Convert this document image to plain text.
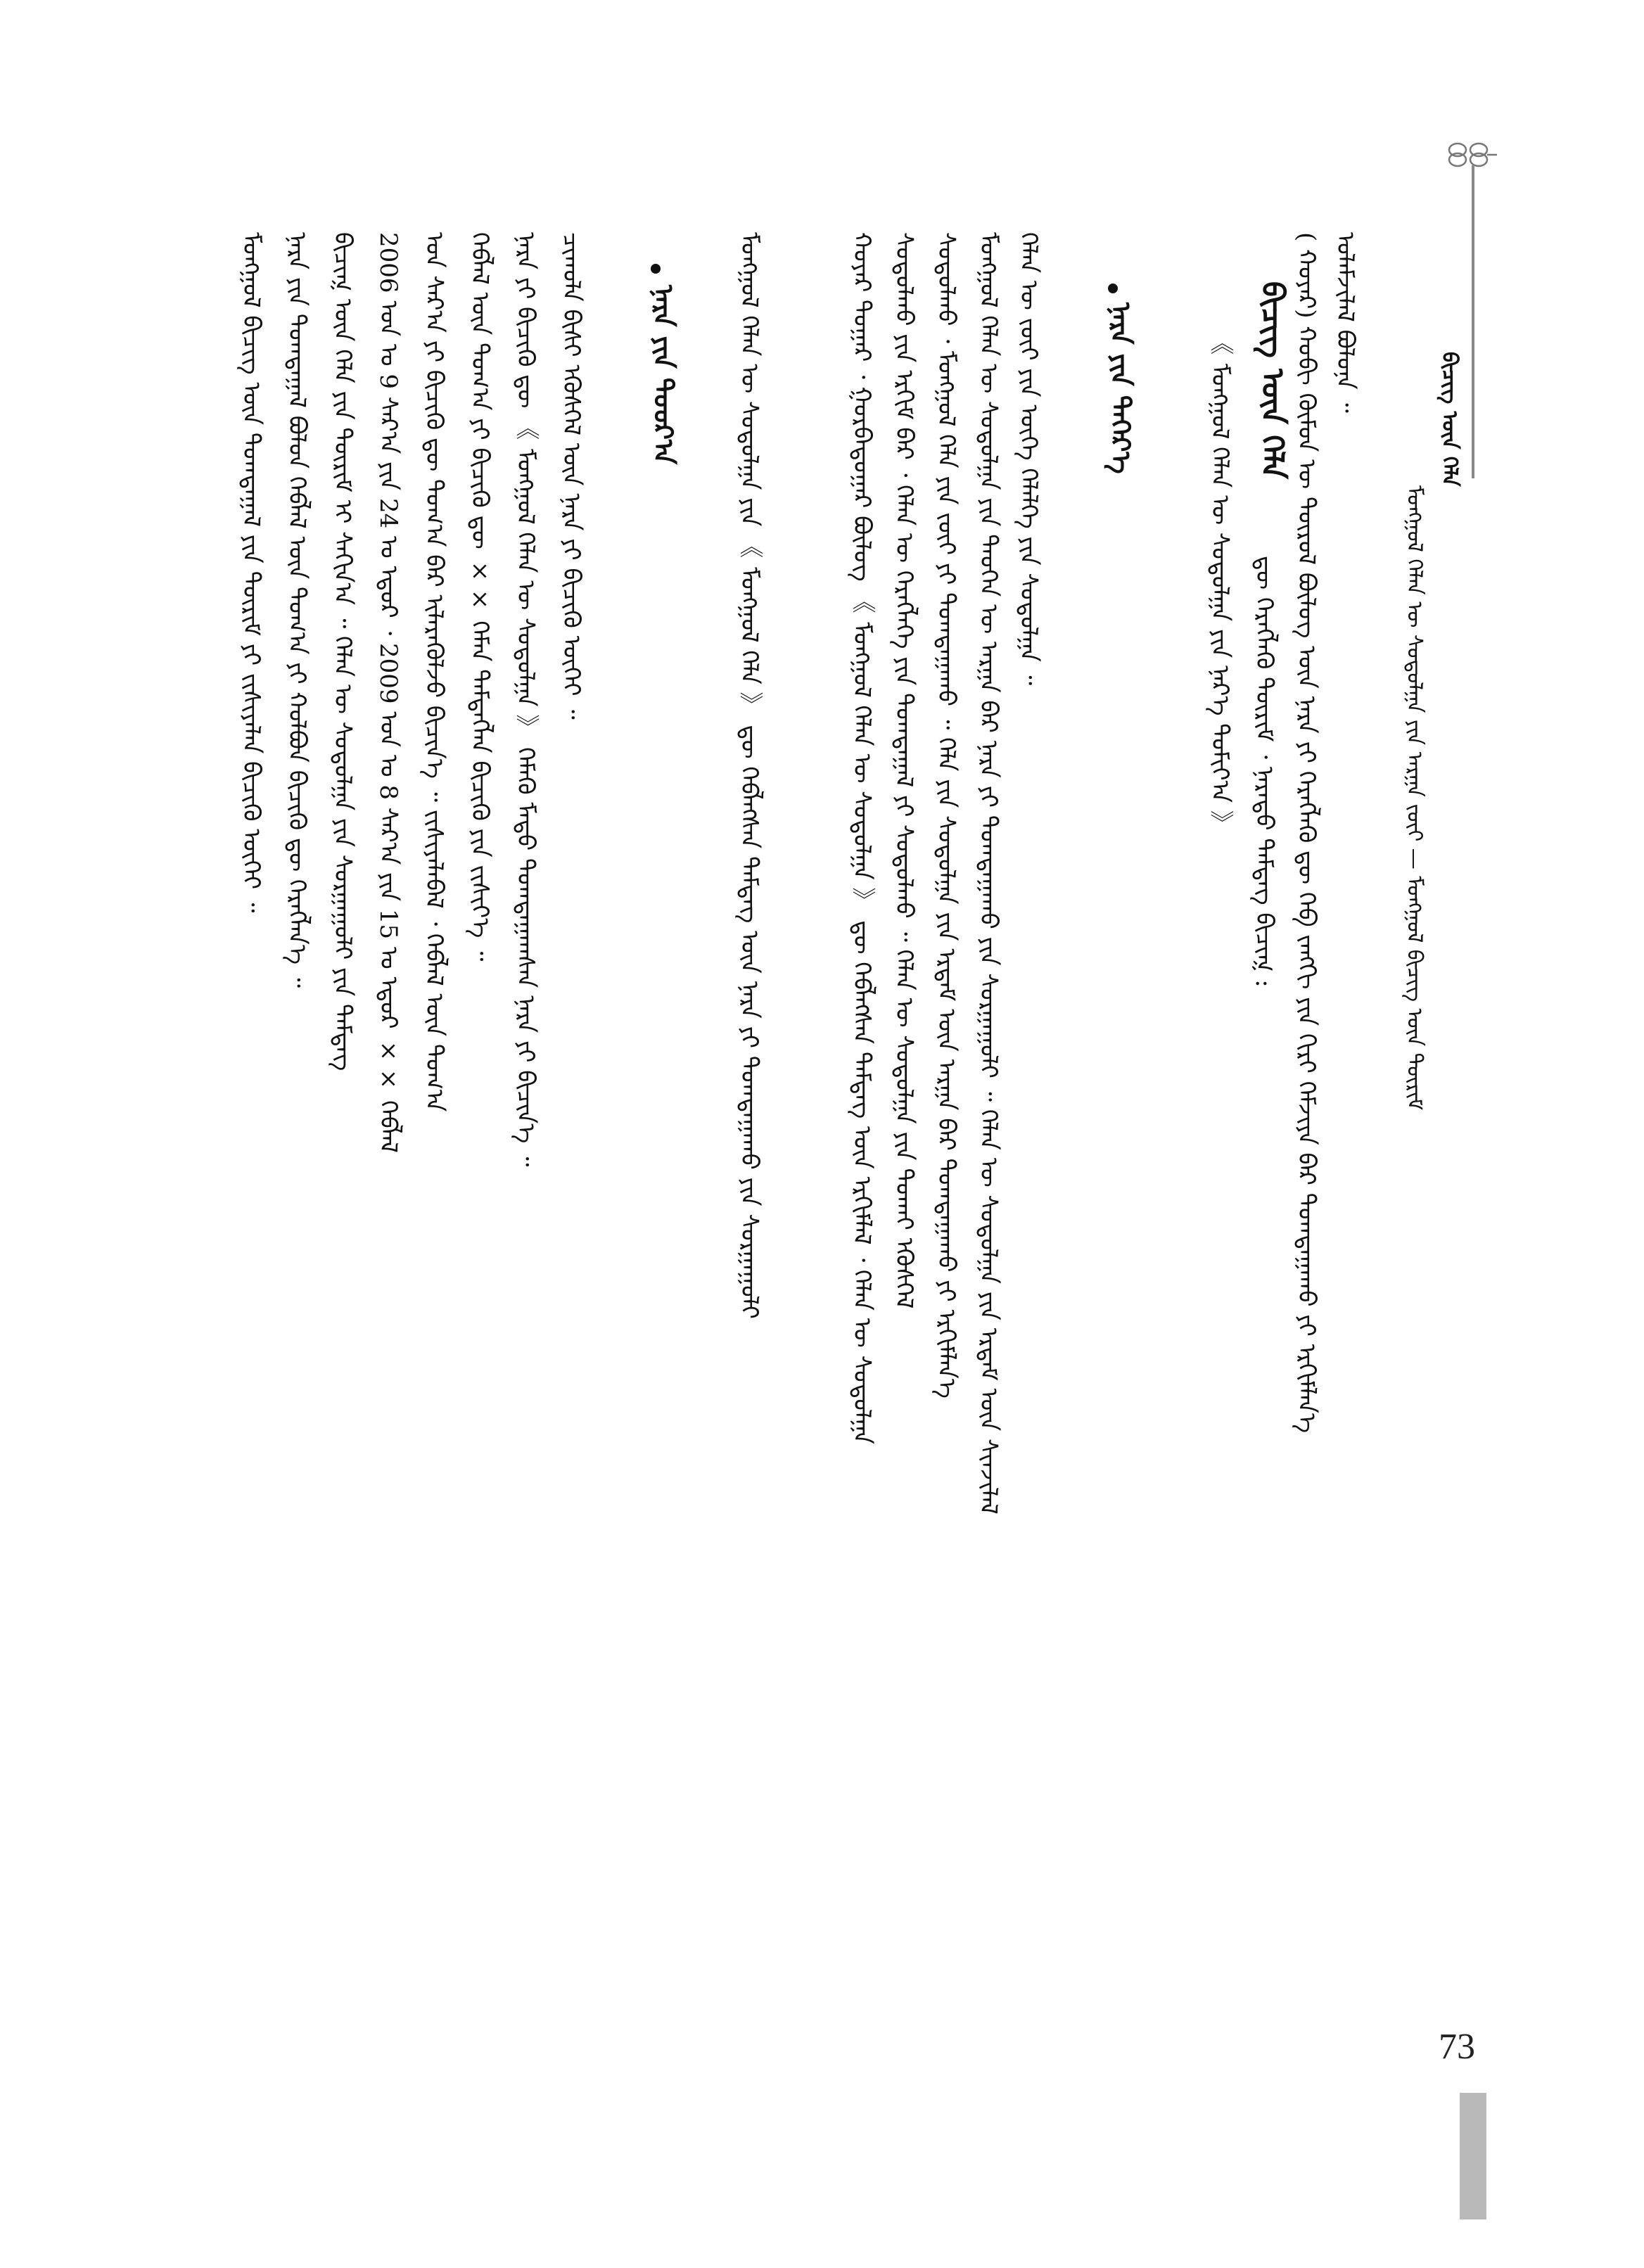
ᠮᠣᠩᠭᠣᠯ ᠬᠡᠯᠡᠨ ᠦ ᠰᠤᠳᠤᠯᠭᠠ ᠶᠢᠨ ᠠᠷᠭᠠ ᠵᠦᠢ — ᠮᠣᠩᠭᠣᠯ ᠪᠢᠴᠢᠭ ᠦᠨ ᠳᠦᠷᠢᠮ
ᠪᠢᠴᠢᠭ ᠦᠨ ᠬᠡᠯᠡ
ᠤᠯᠠᠮᠵᠢᠯᠠᠯ ᠪᠤᠯᠤᠨᠠ ᠃
( ᠬᠣᠶᠠᠷ) ᠬᠤᠪᠢ ᠬᠦᠮᠦᠨ ᠦ ᠲᠦᠷᠦᠯ ᠪᠦᠯᠦᠭ ᠦᠨ ᠨᠡᠷᠡ ᠶᠢ ᠬᠡᠷᠡᠭᠯᠡᠬᠦ ᠳᠦ ᠬᠡᠪ ᠵᠠᠩᠭᠢ ᠶᠢᠨ ᠬᠢᠷᠢ ᠬᠡᠮᠵᠢᠶᠡ ᠪᠠᠷ ᠲᠣᠭᠲᠠᠭᠠᠬᠤ ᠶᠢ ᠡᠷᠬᠢᠮᠯᠡᠨ᠎ᠡ
ᠪᠢᠴᠢᠭ ᠦᠨ ᠬᠡᠯᠡ
ᠳᠦ ᠬᠡᠷᠡᠭᠯᠡᠬᠦ ᠳᠦᠷᠢᠮ ᠂ ᠨᠡᠷᠡᠲᠦ ᠲᠡᠮᠳᠡᠭ ᠪᠢᠴᠢᠭ᠍ :
《 ᠮᠣᠩᠭᠣᠯ ᠬᠡᠯᠡᠨ ᠦ ᠰᠤᠳᠤᠯᠭᠠ ᠶᠢᠨ ᠨᠡᠷ᠎ᠡ ᠲᠣᠮᠢᠶ᠎ᠠ 》
ᠨᠡᠷᠡ ᠶᠢᠨ ᠳᠡᠭᠡᠷ᠎ᠡ
ᠬᠡᠯᠡᠨ ᠦ ᠵᠦᠢ ᠶᠢᠨ ᠦᠭᠡ ᠬᠡᠯᠡᠯᠭᠡ ᠶᠢᠨ ᠰᠤᠳᠤᠯᠭᠠ ᠃
ᠮᠣᠩᠭᠣᠯ ᠬᠡᠯᠡᠨ ᠦ ᠰᠤᠳᠤᠯᠭᠠ ᠶᠢᠨ ᠲᠡᠦᠬᠡᠨ ᠦ ᠠᠷᠭᠠ ᠪᠠᠷ ᠨᠡᠷᠡ ᠶᠢ ᠲᠣᠭᠲᠠᠭᠠᠬᠤ ᠶᠢᠨ ᠰᠤᠷᠭᠠᠭᠤᠯᠢ ᠃ ᠬᠡᠯᠡᠨ ᠦ ᠰᠤᠳᠤᠯᠭᠠ ᠶᠢᠨ ᠡᠷᠳᠡᠮ ᠦᠨ ᠰᠢᠨᠵᠢᠯᠡᠯ
ᠰᠤᠳᠤᠯᠬᠤ ᠂ ᠮᠣᠩᠭᠣᠯ ᠬᠡᠯᠡ ᠶᠢᠨ ᠵᠦᠢ ᠶᠢ ᠲᠣᠭᠲᠠᠭᠠᠬᠤ ᠃ ᠬᠡᠯᠡ ᠶᠢᠨ ᠰᠤᠳᠤᠯᠭᠠ ᠶᠢᠨ ᠡᠷᠳᠡᠮ ᠦᠨ ᠠᠷᠭᠠ ᠪᠠᠷ ᠲᠣᠭᠲᠠᠭᠠᠬᠤ ᠶᠢ ᠡᠷᠬᠢᠮᠯᠡᠨ᠎ᠡ
ᠰᠤᠳᠤᠯᠬᠤ ᠶᠢᠨ ᠡᠷᠬᠢᠮ ᠪᠠᠷ ᠂ ᠬᠡᠯᠡᠨ ᠦ ᠬᠡᠷᠡᠭᠯᠡᠭᠡ ᠶᠢᠨ ᠲᠣᠭᠲᠠᠭᠠᠯ ᠶᠢ ᠰᠤᠳᠤᠯᠬᠤ ᠃ ᠬᠡᠯᠡᠨ ᠦ ᠰᠤᠳᠤᠯᠭᠠ ᠶᠢᠨ ᠲᠤᠬᠠᠢ ᠡᠭᠦᠰᠭᠡᠯ
ᠬᠣᠶᠠᠷ ᠳᠤᠭᠠᠷ ᠂ ᠭᠤᠷᠪᠠᠳᠤᠭᠠᠷ ᠪᠦᠯᠦᠭ 《 ᠮᠣᠩᠭᠣᠯ ᠬᠡᠯᠡᠨ ᠦ ᠰᠤᠳᠤᠯᠭᠠ 》 ᠳᠦ ᠬᠡᠪᠯᠡᠭᠰᠡᠨ ᠲᠡᠮᠳᠡᠭ ᠦᠨ ᠡᠷᠬᠢᠮᠯᠡᠯ ᠂ ᠬᠡᠯᠡᠨ ᠦ ᠰᠤᠳᠤᠯᠭᠠ
ᠮᠣᠩᠭᠣᠯ ᠬᠡᠯᠡᠨ ᠦ ᠰᠤᠳᠤᠯᠭᠠ ᠶᠢᠨ 《 ᠮᠣᠩᠭᠣᠯ ᠬᠡᠯᠡ 》 ᠳᠦ ᠬᠡᠪᠯᠡᠭᠰᠡᠨ ᠲᠡᠮᠳᠡᠭ ᠦᠨ ᠨᠡᠷᠡ ᠶᠢ ᠲᠣᠭᠲᠠᠭᠠᠬᠤ ᠶᠢᠨ ᠰᠤᠷᠭᠠᠭᠤᠯᠢ
ᠨᠡᠷᠡ ᠶᠢᠨ ᠳᠣᠣᠷ᠎ᠠ
ᠴᠢᠬᠤᠯᠠ ᠪᠢᠰᠢ ᠡᠭᠦᠰᠭᠡᠯ ᠦᠨ ᠨᠡᠷᠡ ᠶᠢ ᠪᠢᠴᠢᠬᠦ ᠦᠭᠡᠢ ᠃
ᠨᠡᠷᠡ ᠶᠢ ᠪᠢᠴᠢᠬᠦ ᠳᠦ 《 ᠮᠣᠩᠭᠣᠯ ᠬᠡᠯᠡᠨ ᠦ ᠰᠤᠳᠤᠯᠭᠠ 》 ᠬᠡᠮᠡᠬᠦ ᠮᠡᠲᠦ ᠲᠣᠭᠲᠠᠭᠠᠭᠰᠠᠨ ᠨᠡᠷᠡ ᠶᠢ ᠪᠢᠴᠢᠨ᠎ᠡ ᠃
ᠬᠡᠪᠯᠡᠯ ᠦᠨ ᠲᠣᠭ᠎ᠠ ᠶᠢ ᠪᠢᠴᠢᠬᠦ ᠳᠦ ×× ᠬᠡᠮᠡᠨ ᠲᠡᠮᠳᠡᠭᠯᠡᠨ ᠪᠢᠴᠢᠬᠦ ᠶᠢᠨ ᠵᠢᠱᠢᠶ᠎ᠡ ᠃
ᠣᠨ ᠰᠠᠷ᠎ᠠ ᠶᠢ ᠪᠢᠴᠢᠬᠦ ᠳᠦ ᠲᠣᠭ᠎ᠠ ᠪᠠᠷ ᠢᠯᠡᠷᠡᠭᠦᠯᠵᠦ ᠪᠢᠴᠢᠨ᠎ᠡ ᠃ ᠵᠢᠱᠢᠶᠡᠯᠡᠪᠡᠯ ᠂ ᠬᠡᠪᠯᠡᠯ ᠦᠨ ᠲᠣᠭ᠎ᠠ
2006 ᠣᠨ ᠤ 9 ᠰᠠᠷ᠎ᠠ ᠶᠢᠨ 24 ᠤ ᠡᠳᠦᠷ ᠂ 2009 ᠣᠨ ᠤ 8 ᠰᠠᠷ᠎ᠠ ᠶᠢᠨ 15 ᠤ ᠡᠳᠦᠷ ×× ᠬᠡᠪᠯᠡᠯ
ᠪᠢᠴᠢᠭ᠍ ᠦᠨ ᠬᠡᠯᠡ ᠶᠢᠨ ᠳᠦᠷᠢᠮ ᠢ ᠰᠠᠬᠢᠨ᠎ᠠ ᠃ ᠬᠡᠯᠡᠨ ᠦ ᠰᠤᠳᠤᠯᠭᠠ ᠶᠢᠨ ᠰᠤᠷᠭᠠᠭᠤᠯᠢ ᠶᠢᠨ ᠲᠡᠮᠳᠡᠭ
ᠨᠡᠷᠡ ᠶᠢᠨ ᠲᠣᠭᠲᠠᠭᠠᠯ ᠪᠣᠯᠤᠨ ᠬᠡᠪᠯᠡᠯ ᠦᠨ ᠲᠣᠭ᠎ᠠ ᠶᠢ ᠬᠣᠯᠪᠣᠨ ᠪᠢᠴᠢᠬᠦ ᠳᠦ ᠬᠡᠷᠡᠭᠯᠡᠨ᠎ᠡ ᠃
ᠮᠣᠩᠭᠣᠯ ᠪᠢᠴᠢᠭ ᠦᠨ ᠲᠣᠭᠲᠠᠭᠠᠯ ᠶᠢᠨ ᠳᠦᠷᠢᠮ ᠶᠢ ᠵᠢᠱᠢᠶᠡᠯᠡᠨ ᠪᠢᠴᠢᠬᠦ ᠦᠭᠡᠢ ᠃
73
